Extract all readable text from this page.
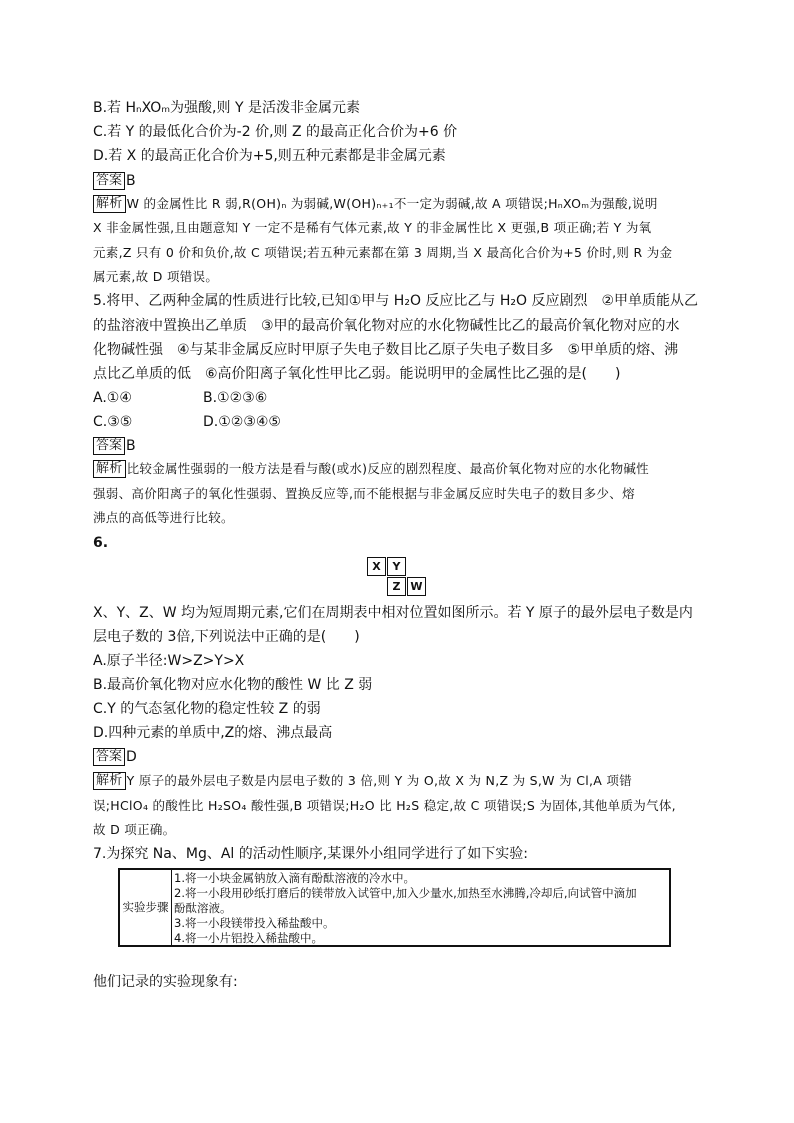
B.若 HₙXOₘ为强酸,则 Y 是活泼非金属元素
C.若 Y 的最低化合价为-2 价,则 Z 的最高正化合价为+6 价
D.若 X 的最高正化合价为+5,则五种元素都是非金属元素
答案 B
解析 W 的金属性比 R 弱,R(OH)ₙ 为弱碱,W(OH)ₙ₊₁不一定为弱碱,故 A 项错误;HₙXOₘ为强酸,说明
X 非金属性强,且由题意知 Y 一定不是稀有气体元素,故 Y 的非金属性比 X 更强,B 项正确;若 Y 为氧
元素,Z 只有 0 价和负价,故 C 项错误;若五种元素都在第 3 周期,当 X 最高化合价为+5 价时,则 R 为金
属元素,故 D 项错误。
5.将甲、乙两种金属的性质进行比较,已知①甲与 H₂O 反应比乙与 H₂O 反应剧烈　②甲单质能从乙
的盐溶液中置换出乙单质　③甲的最高价氧化物对应的水化物碱性比乙的最高价氧化物对应的水
化物碱性强　④与某非金属反应时甲原子失电子数目比乙原子失电子数目多　⑤甲单质的熔、沸
点比乙单质的低　⑥高价阳离子氧化性甲比乙弱。能说明甲的金属性比乙强的是(　　)
A.①④	B.①②③⑥
C.③⑤	D.①②③④⑤
答案 B
解析 比较金属性强弱的一般方法是看与酸(或水)反应的剧烈程度、最高价氧化物对应的水化物碱性
强弱、高价阳离子的氧化性强弱、置换反应等,而不能根据与非金属反应时失电子的数目多少、熔
沸点的高低等进行比较。
6.
X	Y
Z W
X、Y、Z、W 均为短周期元素,它们在周期表中相对位置如图所示。若 Y 原子的最外层电子数是内
层电子数的 3倍,下列说法中正确的是(　　)
A.原子半径:W>Z>Y>X
B.最高价氧化物对应水化物的酸性 W 比 Z 弱
C.Y 的气态氢化物的稳定性较 Z 的弱
D.四种元素的单质中,Z的熔、沸点最高
答案 D
解析 Y 原子的最外层电子数是内层电子数的 3 倍,则 Y 为 O,故 X 为 N,Z 为 S,W 为 Cl,A 项错
误;HClO₄ 的酸性比 H₂SO₄ 酸性强,B 项错误;H₂O 比 H₂S 稳定,故 C 项错误;S 为固体,其他单质为气体,
故 D 项正确。
7.为探究 Na、Mg、Al 的活动性顺序,某课外小组同学进行了如下实验:
实验步骤
1.将一小块金属钠放入滴有酚酞溶液的冷水中。
2.将一小段用砂纸打磨后的镁带放入试管中,加入少量水,加热至水沸腾,冷却后,向试管中滴加
酚酞溶液。
3.将一小段镁带投入稀盐酸中。
4.将一小片铝投入稀盐酸中。
他们记录的实验现象有:
